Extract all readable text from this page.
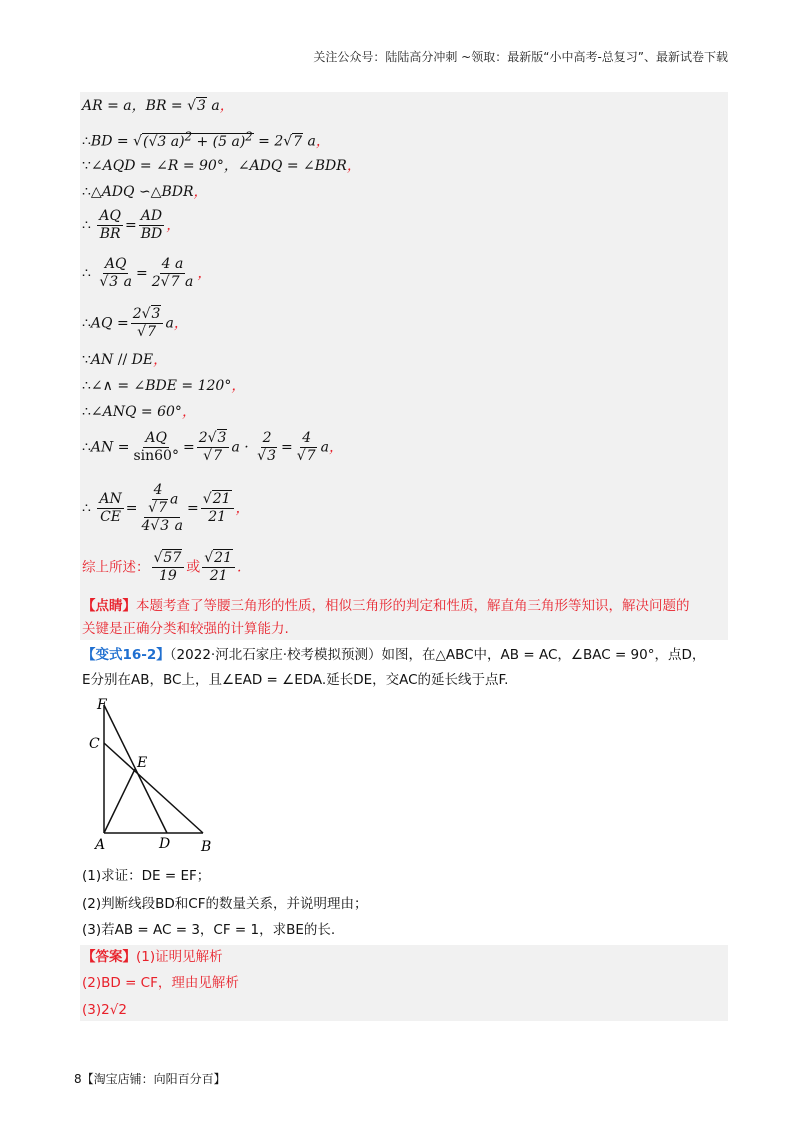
关注公众号：陆陆高分冲刺 ~领取：最新版“小中高考-总复习”、最新试卷下载
AR = a，BR = √3 a，
∴BD = √(√3 a)$^2$ + (5 a)$^2$ = 2√7 a，
∵∠AQD = ∠R = 90°，∠ADQ = ∠BDR，
∴△ADQ ∽△BDR，
∴ $\frac{AQ}{BR} = \frac{AD}{BD}$ ，
∴ $\frac{AQ}{√3 a} = \frac{4 a}{2√7 a}$ ，
∴AQ = $\frac{2√3}{√7}$ a，
∵AN // DE，
∴∠∧ = ∠BDE = 120°，
∴∠ANQ = 60°，
∴AN = $\frac{AQ}{\sin 60^\circ} = \frac{2√3}{√7}$ $a \cdot \frac{2}{√3} = \frac{4}{√7}$ a，
∴ $\frac{AN}{CE} = \frac{\frac{4}{√7} a}{4√3 a} = \frac{√21}{21}$ ，
综上所述： $\frac{√57}{19}$ 或 $\frac{√21}{21}$ .
【点睛】本题考查了等腰三角形的性质，相似三角形的判定和性质，解直角三角形等知识，解决问题的
关键是正确分类和较强的计算能力.
【变式16-2】（2022·河北石家庄·校考模拟预测）如图，在△ABC中，AB = AC，∠BAC = 90°，点D，
E分别在AB，BC上，且∠EAD = ∠EDA.延长DE，交AC的延长线于点F.
F
C
E
A	D B
(1)求证：DE = EF；
(2)判断线段BD和CF的数量关系，并说明理由；
(3)若AB = AC = 3，CF = 1，求BE的长.
【答案】(1)证明见解析
(2)BD = CF，理由见解析
(3)2√2
8【淘宝店铺：向阳百分百】
